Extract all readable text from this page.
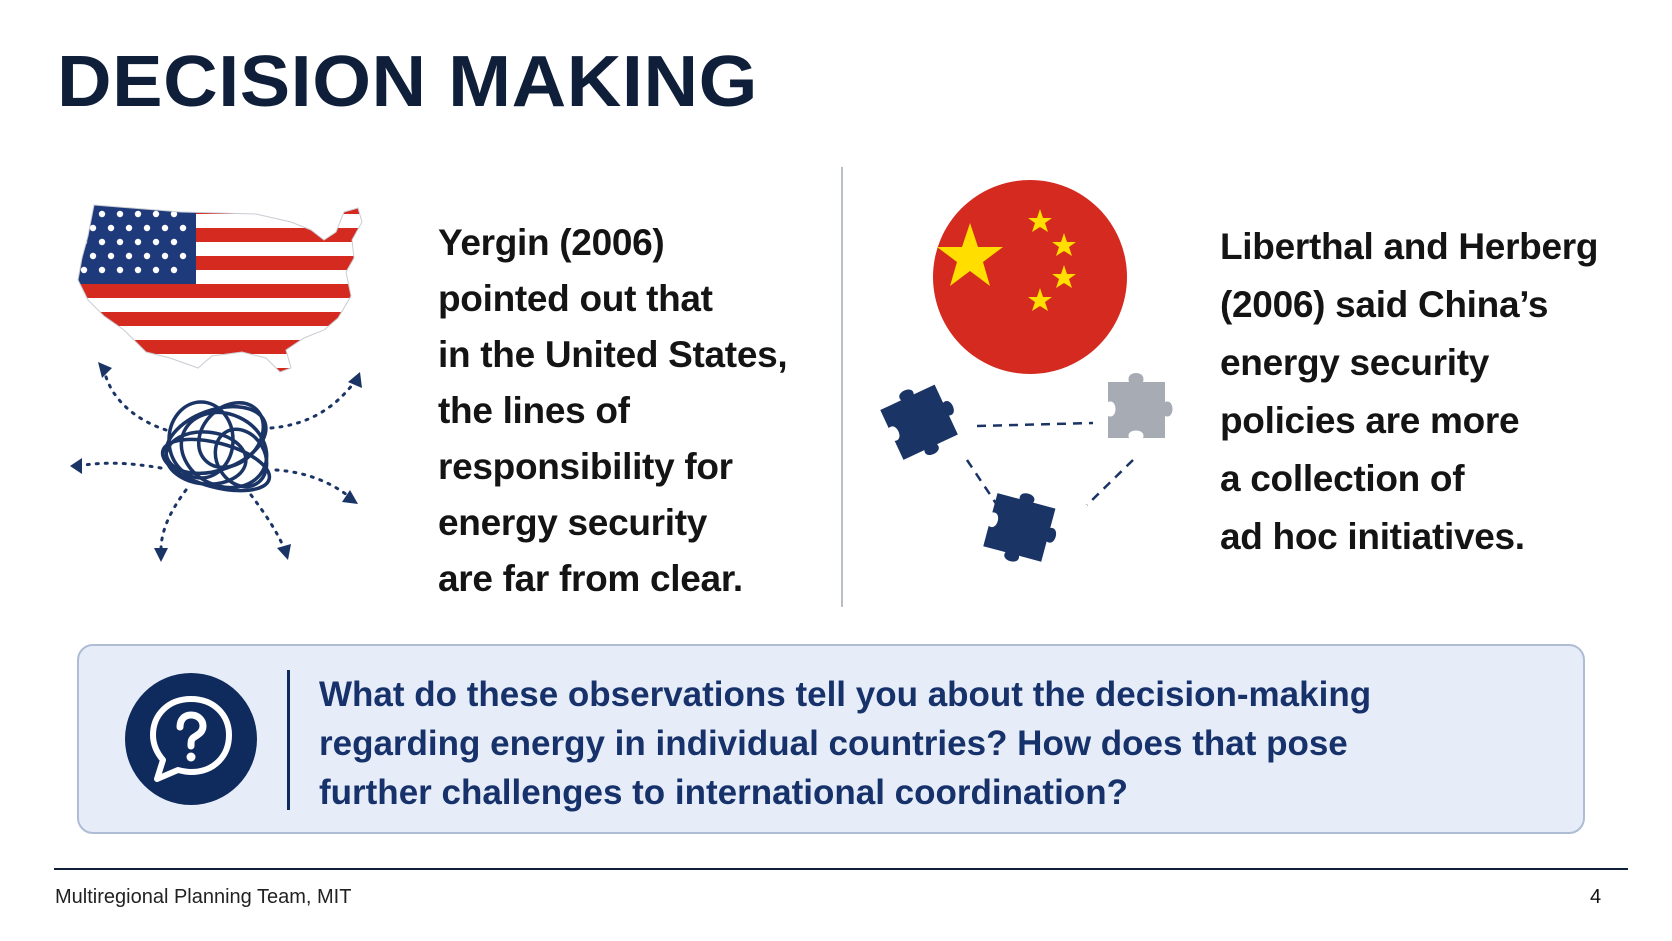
DECISION MAKING
Yergin (2006)
pointed out that
in the United States,
the lines of
responsibility for
energy security
are far from clear.
Liberthal and Herberg
(2006) said China’s
energy security
policies are more
a collection of
ad hoc initiatives.
What do these observations tell you about the decision-making
regarding energy in individual countries? How does that pose
further challenges to international coordination?
Multiregional Planning Team, MIT	4
